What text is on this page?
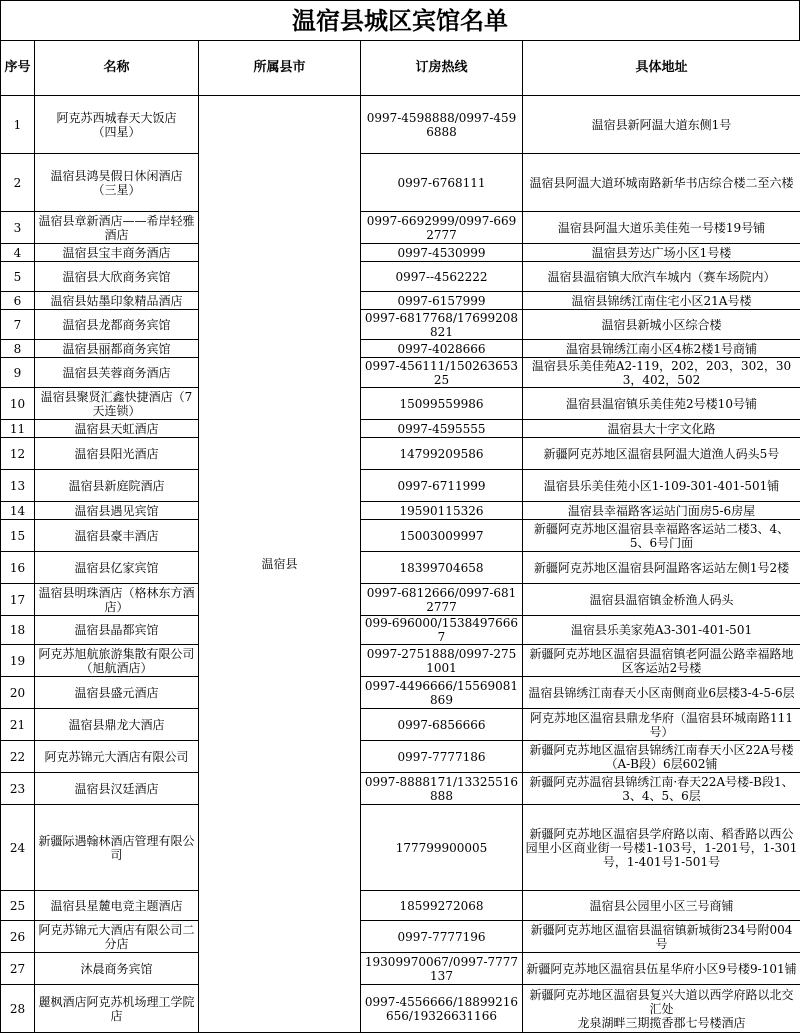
温宿县城区宾馆名单
序号	名称	所属县市	订房热线	具体地址
1	阿克苏西城春天大饭店
（四星）	温宿县	0997-4598888/0997-4596888	温宿县新阿温大道东侧1号
2	温宿县鸿昊假日休闲酒店
（三星）		0997-6768111	温宿县阿温大道环城南路新华书店综合楼二至六楼
3	温宿县章新酒店——希岸轻雅酒店		0997-6692999/0997-6692777	温宿县阿温大道乐美佳苑一号楼19号铺
4	温宿县宝丰商务酒店		0997-4530999	温宿县芳达广场小区1号楼
5	温宿县大欣商务宾馆		0997--4562222	温宿县温宿镇大欣汽车城内（赛车场院内）
6	温宿县姑墨印象精品酒店		0997-6157999	温宿县锦绣江南住宅小区21A号楼
7	温宿县龙都商务宾馆		0997-6817768/17699208821	温宿县新城小区综合楼
8	温宿县丽都商务宾馆		0997-4028666	温宿县锦绣江南小区4栋2楼1号商铺
9	温宿县芙蓉商务酒店		0997-456111/15026365325	温宿县乐美佳苑A2-119，202，203，302，303，402，502
10	温宿县聚贤汇鑫快捷酒店（7天连锁）		15099559986	温宿县温宿镇乐美佳苑2号楼10号铺
11	温宿县天虹酒店		0997-4595555	温宿县大十字文化路
12	温宿县阳光酒店		14799209586	新疆阿克苏地区温宿县阿温大道渔人码头5号
13	温宿县新庭院酒店		0997-6711999	温宿县乐美佳苑小区1-109-301-401-501铺
14	温宿县遇见宾馆		19590115326	温宿县幸福路客运站门面房5-6房屋
15	温宿县豪丰酒店		15003009997	新疆阿克苏地区温宿县幸福路客运站二楼3、4、5、6号门面
16	温宿县亿家宾馆		18399704658	新疆阿克苏地区温宿县阿温路客运站左侧1号2楼
17	温宿县明珠酒店（格林东方酒店）		0997-6812666/0997-6812777	温宿县温宿镇金桥渔人码头
18	温宿县晶都宾馆		099-696000/15384976667	温宿县乐美家苑A3-301-401-501
19	阿克苏旭航旅游集散有限公司（旭航酒店）		0997-2751888/0997-2751001	新疆阿克苏地区温宿县温宿镇老阿温公路幸福路地区客运站2号楼
20	温宿县盛元酒店		0997-4496666/15569081869	温宿县锦绣江南春天小区南侧商业6层楼3-4-5-6层
21	温宿县鼎龙大酒店		0997-6856666	阿克苏地区温宿县鼎龙华府（温宿县环城南路111号）
22	阿克苏锦元大酒店有限公司		0997-7777186	新疆阿克苏地区温宿县锦绣江南春天小区22A号楼（A-B段）6层602铺
23	温宿县汉廷酒店		0997-8888171/13325516888	新疆阿克苏温宿县锦绣江南·春天22A号楼-B段1、3、4、5、6层
24	新疆际遇翰林酒店管理有限公司		177799900005	新疆阿克苏地区温宿县学府路以南、稻香路以西公园里小区商业街一号楼1-103号，1-201号，1-301号，1-401号1-501号
25	温宿县星麓电竞主题酒店		18599272068	温宿县公园里小区三号商铺
26	阿克苏锦元大酒店有限公司二分店		0997-7777196	新疆阿克苏地区温宿县温宿镇新城街234号附004号
27	沐晨商务宾馆		19309970067/0997-7777137	新疆阿克苏地区温宿县伍星华府小区9号楼9-101铺
28	麗枫酒店阿克苏机场理工学院店		0997-4556666/18899216656/19326631166	新疆阿克苏地区温宿县复兴大道以西学府路以北交汇处
龙泉湖畔三期揽香郡七号楼酒店
